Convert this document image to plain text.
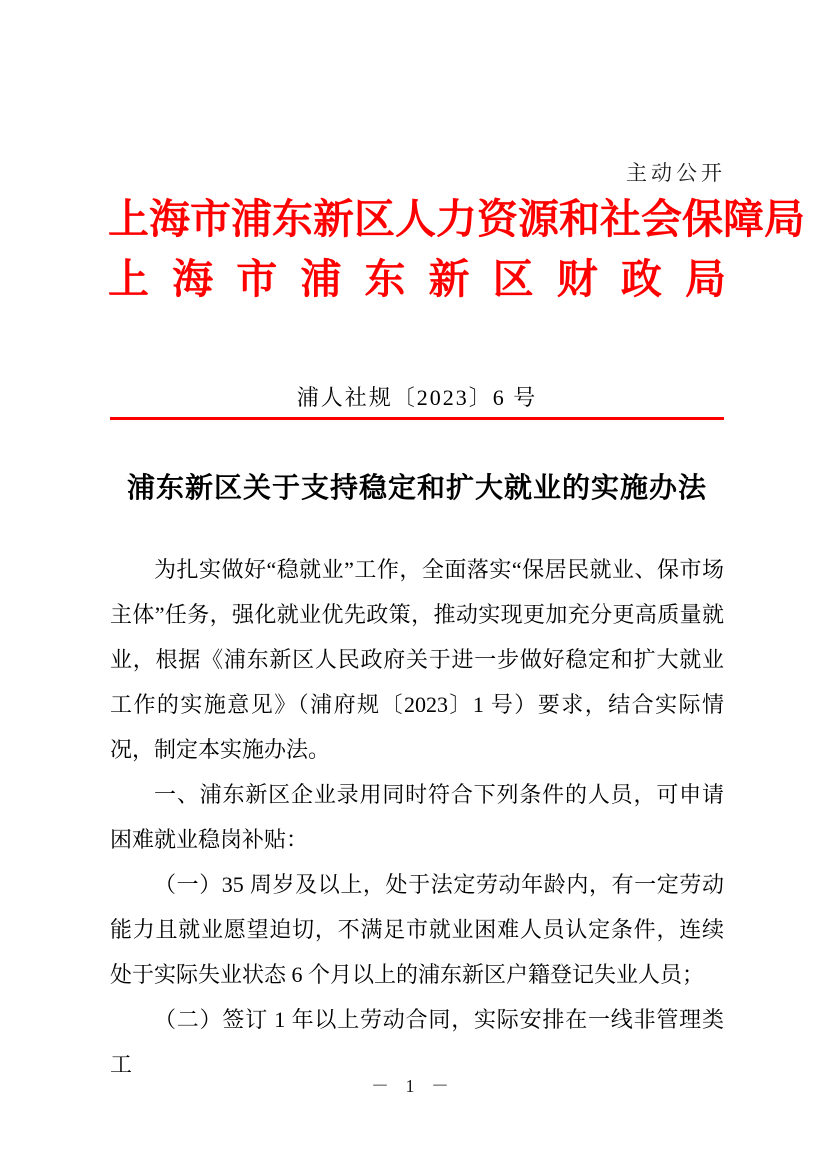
主动公开
上海市浦东新区人力资源和社会保障局
上海市浦东新区财政局
浦人社规〔2023〕6 号
浦东新区关于支持稳定和扩大就业的实施办法

为扎实做好“稳就业”工作，全面落实“保居民就业、保市场主体”任务，强化就业优先政策，推动实现更加充分更高质量就业，根据《浦东新区人民政府关于进一步做好稳定和扩大就业工作的实施意见》（浦府规〔2023〕1 号）要求，结合实际情况，制定本实施办法。

一、浦东新区企业录用同时符合下列条件的人员，可申请困难就业稳岗补贴：

（一）35 周岁及以上，处于法定劳动年龄内，有一定劳动能力且就业愿望迫切，不满足市就业困难人员认定条件，连续处于实际失业状态 6 个月以上的浦东新区户籍登记失业人员；

（二）签订 1 年以上劳动合同，实际安排在一线非管理类工

－ 1 －
